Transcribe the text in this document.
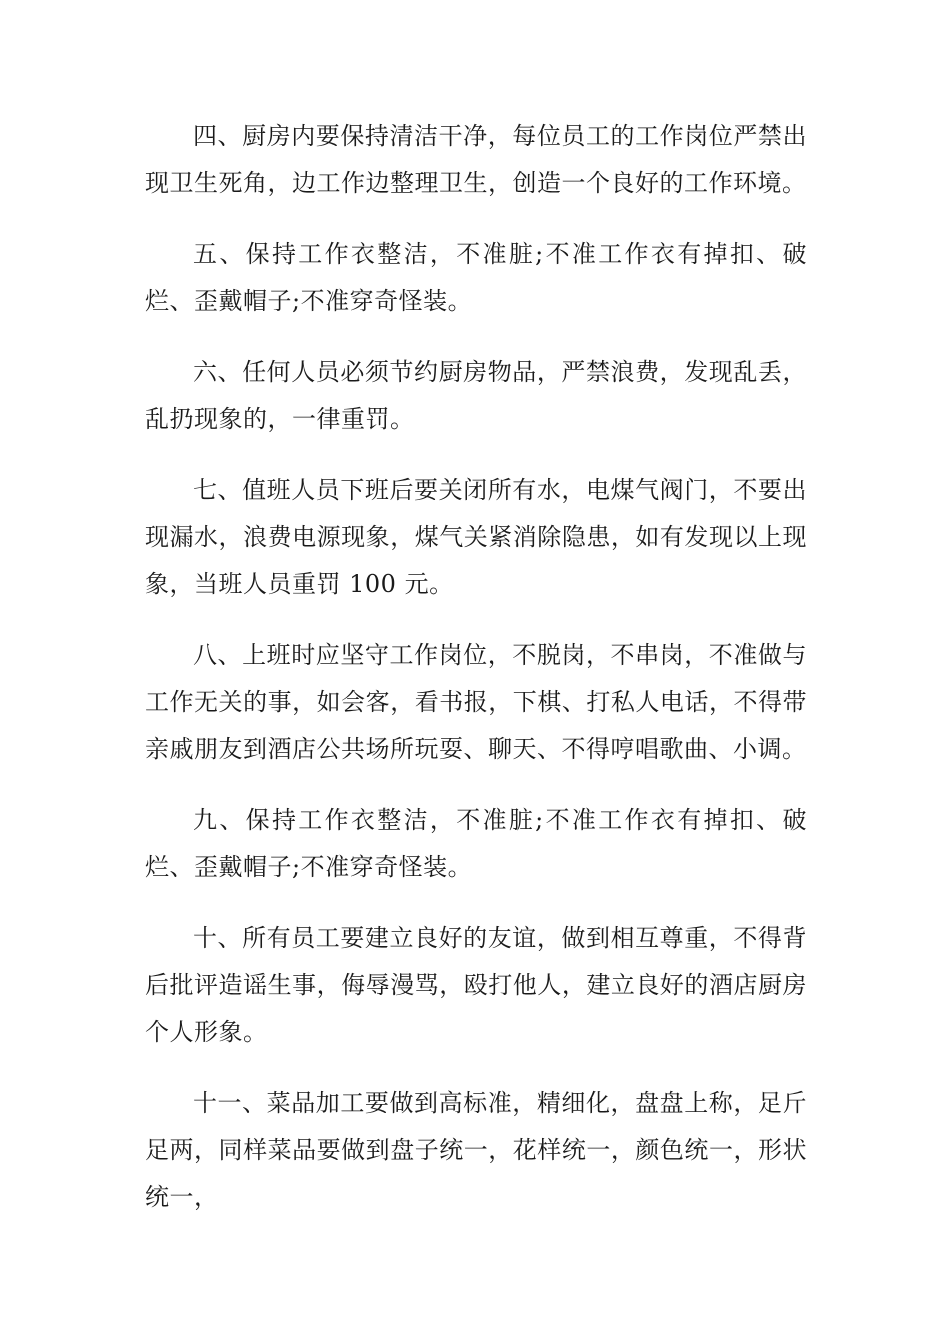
四、厨房内要保持清洁干净，每位员工的工作岗位严禁出现卫生死角，边工作边整理卫生，创造一个良好的工作环境。

五、保持工作衣整洁，不准脏;不准工作衣有掉扣、破烂、歪戴帽子;不准穿奇怪装。

六、任何人员必须节约厨房物品，严禁浪费，发现乱丢，乱扔现象的，一律重罚。

七、值班人员下班后要关闭所有水，电煤气阀门，不要出现漏水，浪费电源现象，煤气关紧消除隐患，如有发现以上现象，当班人员重罚 100 元。

八、上班时应坚守工作岗位，不脱岗，不串岗，不准做与工作无关的事，如会客，看书报，下棋、打私人电话，不得带亲戚朋友到酒店公共场所玩耍、聊天、不得哼唱歌曲、小调。

九、保持工作衣整洁，不准脏;不准工作衣有掉扣、破烂、歪戴帽子;不准穿奇怪装。

十、所有员工要建立良好的友谊，做到相互尊重，不得背后批评造谣生事，侮辱漫骂，殴打他人，建立良好的酒店厨房个人形象。

十一、菜品加工要做到高标准，精细化，盘盘上称，足斤足两，同样菜品要做到盘子统一，花样统一，颜色统一，形状统一，
